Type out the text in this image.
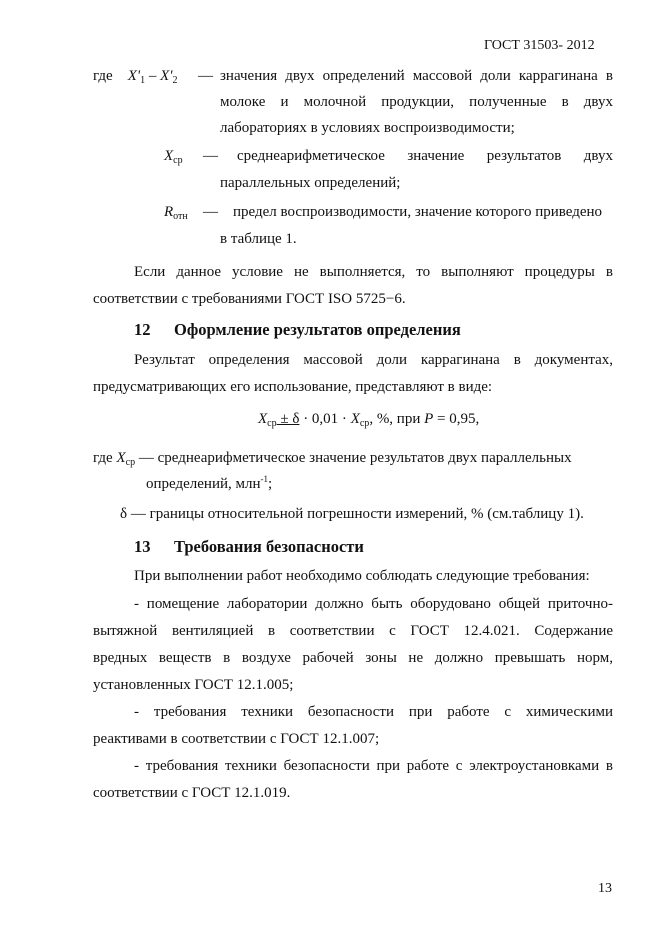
ГОСТ 31503- 2012
где $X'_1 - X'_2$ — значения двух определений массовой доли каррагинана в
молоке и молочной продукции, полученные в двух
лабораториях в условиях воспроизводимости;
$X_{ср}$ — среднеарифметическое значение результатов двух
параллельных определений;
$R_{отн}$ — предел воспроизводимости, значение которого приведено
в таблице 1.
Если данное условие не выполняется, то выполняют процедуры в
соответствии с требованиями ГОСТ ISO 5725−6.
12 Оформление результатов определения
Результат определения массовой доли каррагинана в документах,
предусматривающих его использование, представляют в виде:
$X_{ср} \pm \delta \cdot 0,01 \cdot X_{ср}$, %, при P = 0,95,
где $X_{ср}$ — среднеарифметическое значение результатов двух параллельных
определений, млн$^{-1}$;
δ — границы относительной погрешности измерений, % (см.таблицу 1).
13 Требования безопасности
При выполнении работ необходимо соблюдать следующие требования:
- помещение лаборатории должно быть оборудовано общей приточно-
вытяжной вентиляцией в соответствии с ГОСТ 12.4.021. Содержание
вредных веществ в воздухе рабочей зоны не должно превышать норм,
установленных ГОСТ 12.1.005;
- требования техники безопасности при работе с химическими
реактивами в соответствии с ГОСТ 12.1.007;
- требования техники безопасности при работе с электроустановками в
соответствии с ГОСТ 12.1.019.
13
